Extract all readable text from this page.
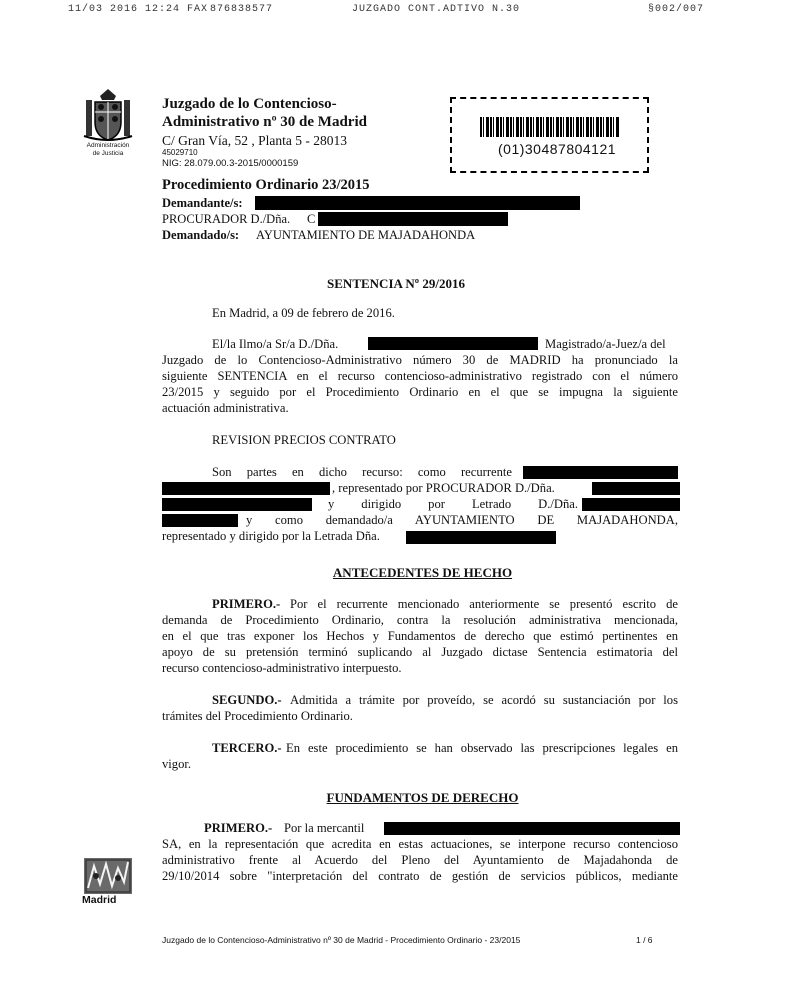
11/03 2016 12:24 FAX 876838577	JUZGADO CONT.ADTIVO N.30	§002/007
Administración
de Justicia
Juzgado de lo Contencioso-
Administrativo nº 30 de Madrid
C/ Gran Vía, 52 , Planta 5 - 28013
45029710
NIG: 28.079.00.3-2015/0000159
Procedimiento Ordinario 23/2015
Demandante/s:
PROCURADOR D./Dña. C
Demandado/s: AYUNTAMIENTO DE MAJADAHONDA
(01)30487804121
SENTENCIA Nº 29/2016
En Madrid, a 09 de febrero de 2016.
El/la Ilmo/a Sr/a D./Dña.	Magistrado/a-Juez/a del
Juzgado de lo Contencioso-Administrativo número 30 de MADRID ha pronunciado la
siguiente SENTENCIA en el recurso contencioso-administrativo registrado con el número
23/2015 y seguido por el Procedimiento Ordinario en el que se impugna la siguiente
actuación administrativa.
REVISION PRECIOS CONTRATO
Son partes en dicho recurso: como recurrente
, representado por PROCURADOR D./Dña.
y dirigido por Letrado D./Dña.
y como demandado/a AYUNTAMIENTO DE MAJADAHONDA,
representado y dirigido por la Letrada Dña.
ANTECEDENTES DE HECHO
PRIMERO.- Por el recurrente mencionado anteriormente se presentó escrito de
demanda de Procedimiento Ordinario, contra la resolución administrativa mencionada,
en el que tras exponer los Hechos y Fundamentos de derecho que estimó pertinentes en
apoyo de su pretensión terminó suplicando al Juzgado dictase Sentencia estimatoria del
recurso contencioso-administrativo interpuesto.
SEGUNDO.- Admitida a trámite por proveído, se acordó su sustanciación por los
trámites del Procedimiento Ordinario.
TERCERO.- En este procedimiento se han observado las prescripciones legales en
vigor.
FUNDAMENTOS DE DERECHO
PRIMERO.- Por la mercantil
SA, en la representación que acredita en estas actuaciones, se interpone recurso contencioso
administrativo frente al Acuerdo del Pleno del Ayuntamiento de Majadahonda de
29/10/2014 sobre "interpretación del contrato de gestión de servicios públicos, mediante
Madrid
Juzgado de lo Contencioso-Administrativo nº 30 de Madrid - Procedimiento Ordinario - 23/2015	1 / 6
